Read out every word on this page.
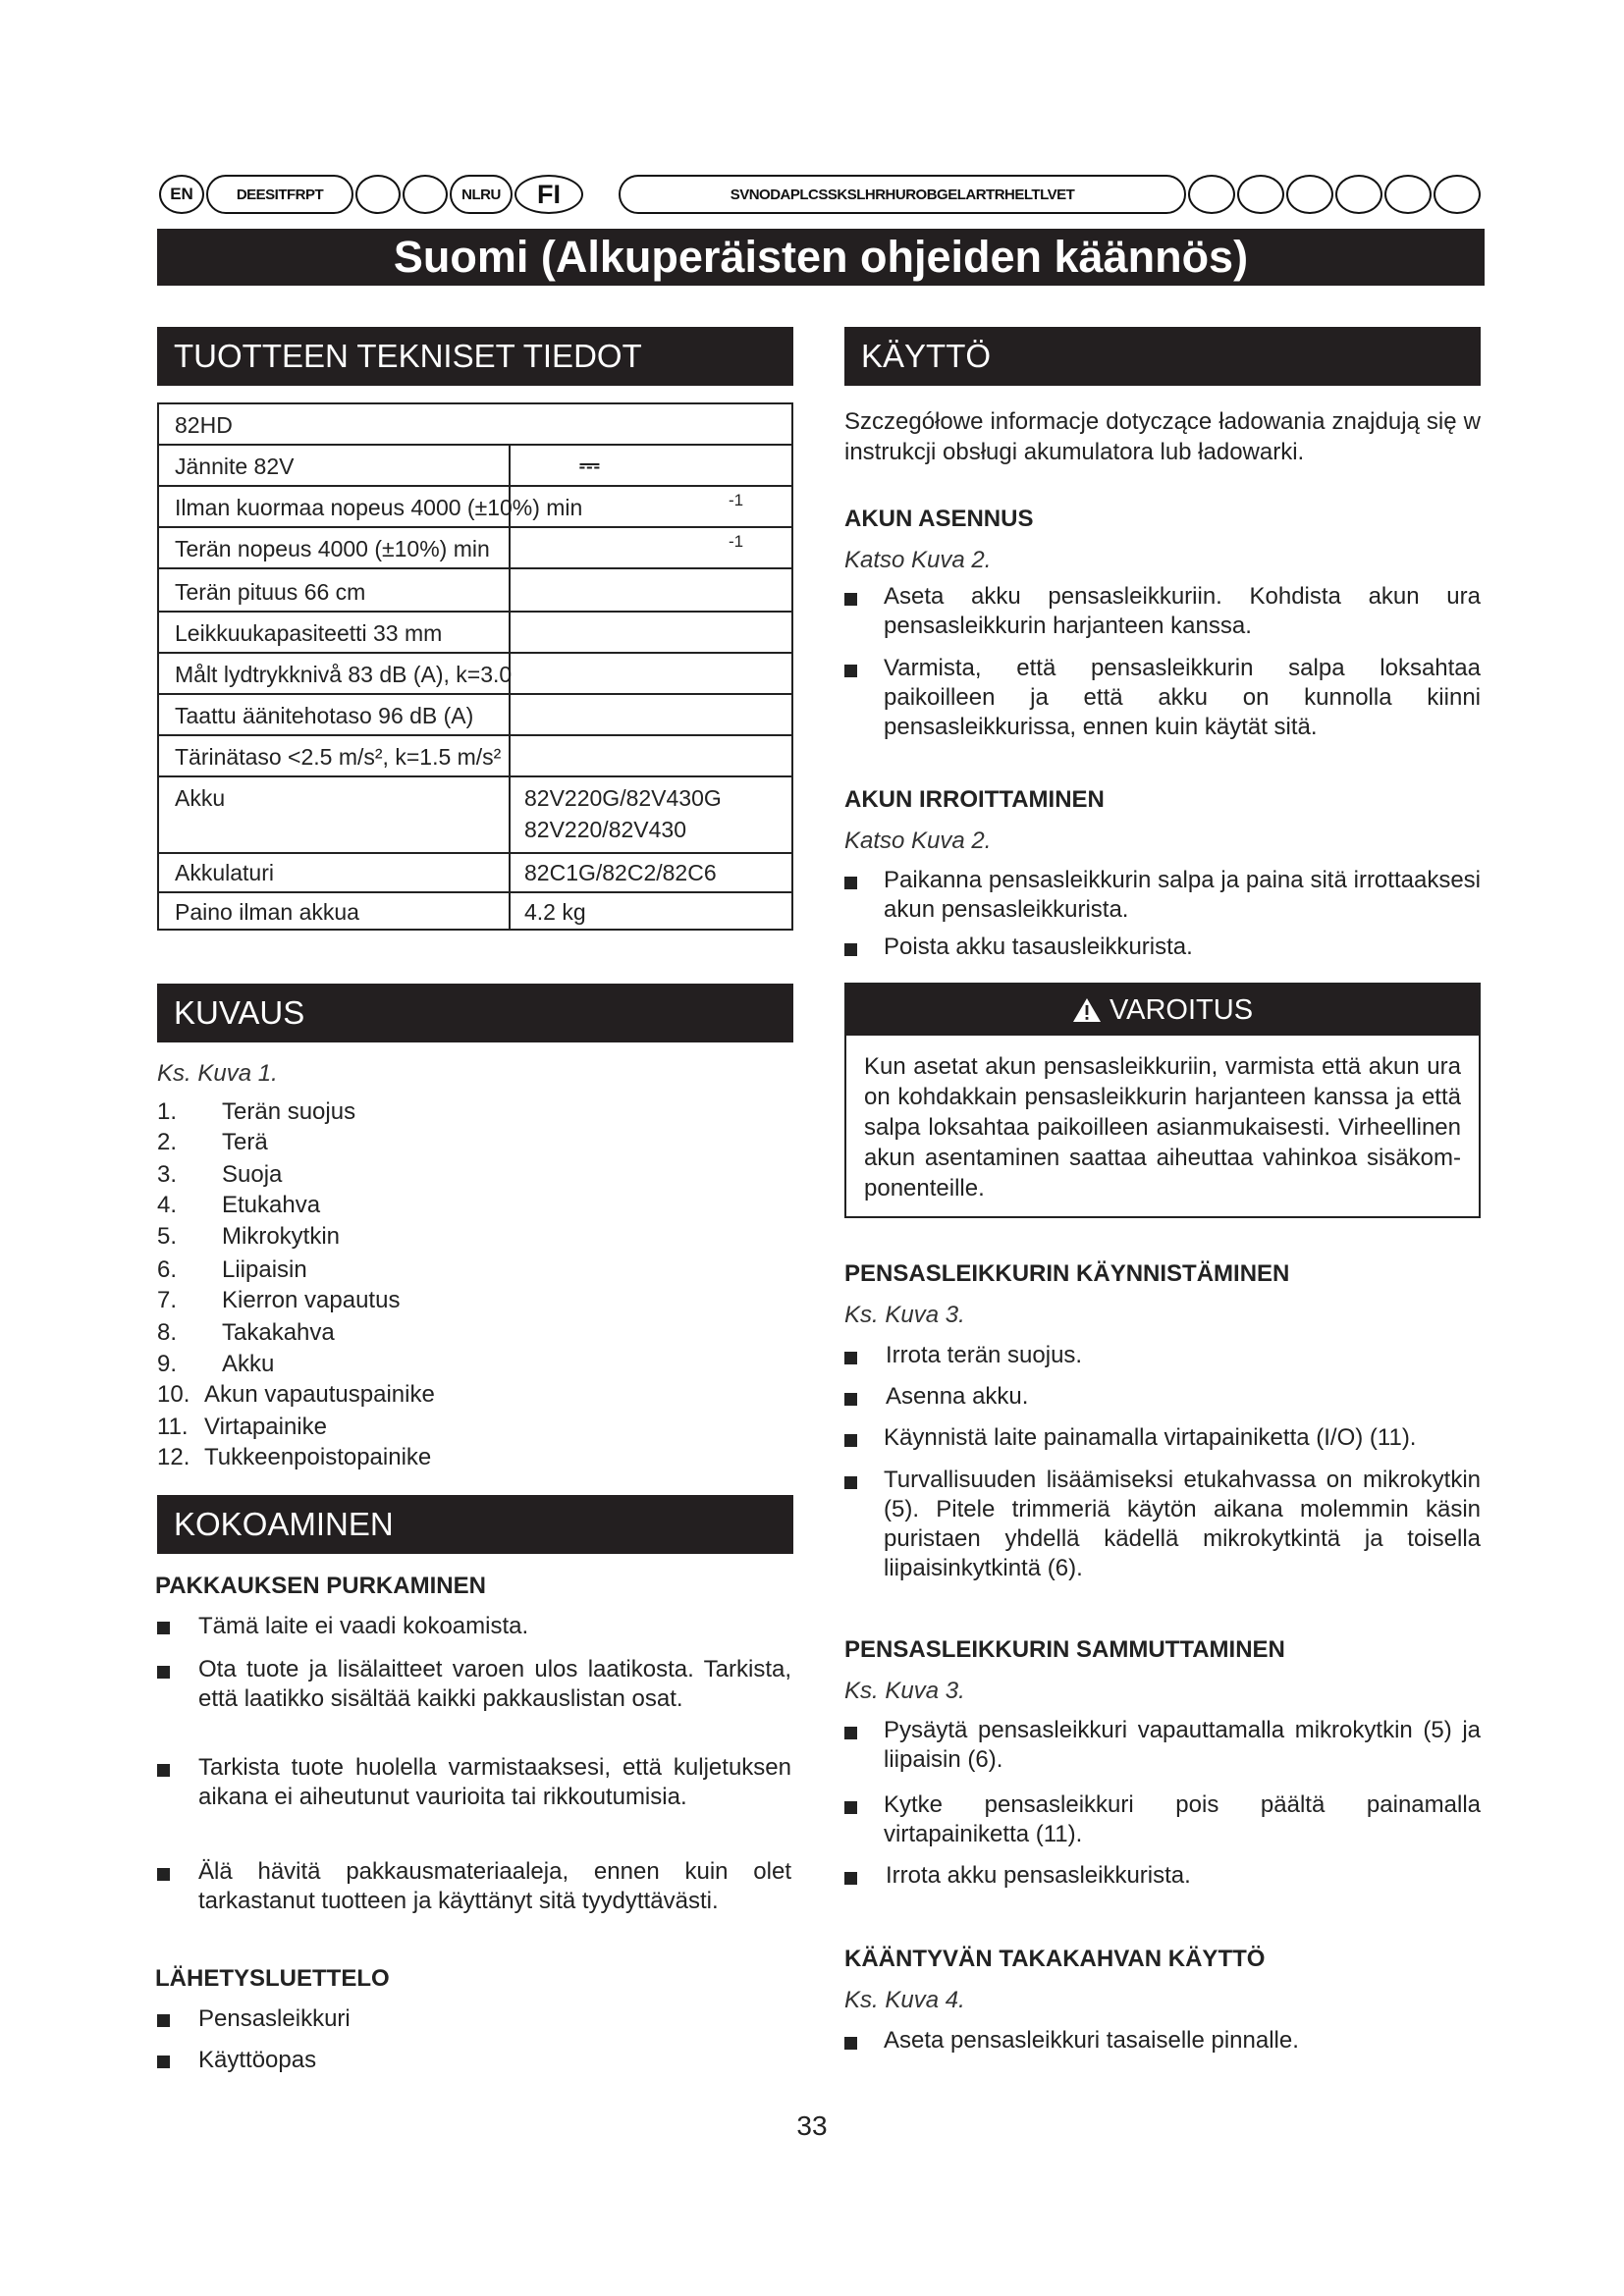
EN	DEESITFRPT	NLRU	FI	SVNODAPLCSSKSLHRHUROBGELARTRHELTLVET
Suomi (Alkuperäisten ohjeiden käännös)
TUOTTEEN TEKNISET TIEDOT
82HD
Jännite 82V	⎓
Ilman kuormaa nopeus 4000 (±10%) min	-1
Terän nopeus 4000 (±10%) min	-1
Terän pituus 66 cm
Leikkuukapasiteetti 33 mm
Målt lydtrykknivå 83 dB (A), k=3.0
Taattu äänitehotaso 96 dB (A)
Tärinätaso <2.5 m/s², k=1.5 m/s²
Akku	82V220G/82V430G
82V220/82V430
Akkulaturi	82C1G/82C2/82C6
Paino ilman akkua	4.2 kg
KUVAUS
Ks. Kuva 1.
1. Terän suojus
2. Terä
3. Suoja
4. Etukahva
5. Mikrokytkin
6. Liipaisin
7. Kierron vapautus
8. Takakahva
9. Akku
10. Akun vapautuspainike
11. Virtapainike
12. Tukkeenpoistopainike
KOKOAMINEN
PAKKAUKSEN PURKAMINEN
Tämä laite ei vaadi kokoamista.
Ota tuote ja lisälaitteet varoen ulos laatikosta. Tarkista, että laatikko sisältää kaikki pakkauslistan osat.
Tarkista tuote huolella varmistaaksesi, että kuljetuksen aikana ei aiheutunut vaurioita tai rikkoutumisia.
Älä hävitä pakkausmateriaaleja, ennen kuin olet tarkastanut tuotteen ja käyttänyt sitä tyydyttävästi.
LÄHETYSLUETTELO
Pensasleikkuri
Käyttöopas
KÄYTTÖ
Szczegółowe informacje dotyczące ładowania znajdują się w instrukcji obsługi akumulatora lub ładowarki.
AKUN ASENNUS
Katso Kuva 2.
Aseta akku pensasleikkuriin. Kohdista akun ura pensasleikkurin harjanteen kanssa.
Varmista, että pensasleikkurin salpa loksahtaa paikoilleen ja että akku on kunnolla kiinni pensasleikkurissa, ennen kuin käytät sitä.
AKUN IRROITTAMINEN
Katso Kuva 2.
Paikanna pensasleikkurin salpa ja paina sitä irrottaaksesi akun pensasleikkurista.
Poista akku tasausleikkurista.
VAROITUS
Kun asetat akun pensasleikkuriin, varmista että akun ura on kohdakkain pensasleikkurin harjanteen kanssa ja että salpa loksahtaa paikoilleen asianmukaisesti. Virheellinen akun asentaminen saattaa aiheuttaa vahinkoa sisäkom-ponenteille.
PENSASLEIKKURIN KÄYNNISTÄMINEN
Ks. Kuva 3.
Irrota terän suojus.
Asenna akku.
Käynnistä laite painamalla virtapainiketta (I/O) (11).
Turvallisuuden lisäämiseksi etukahvassa on mikrokytkin (5). Pitele trimmeriä käytön aikana molemmin käsin puristaen yhdellä kädellä mikrokytkintä ja toisella liipaisinkytkintä (6).
PENSASLEIKKURIN SAMMUTTAMINEN
Ks. Kuva 3.
Pysäytä pensasleikkuri vapauttamalla mikrokytkin (5) ja liipaisin (6).
Kytke pensasleikkuri pois päältä painamalla virtapainiketta (11).
Irrota akku pensasleikkurista.
KÄÄNTYVÄN TAKAKAHVAN KÄYTTÖ
Ks. Kuva 4.
Aseta pensasleikkuri tasaiselle pinnalle.
33
